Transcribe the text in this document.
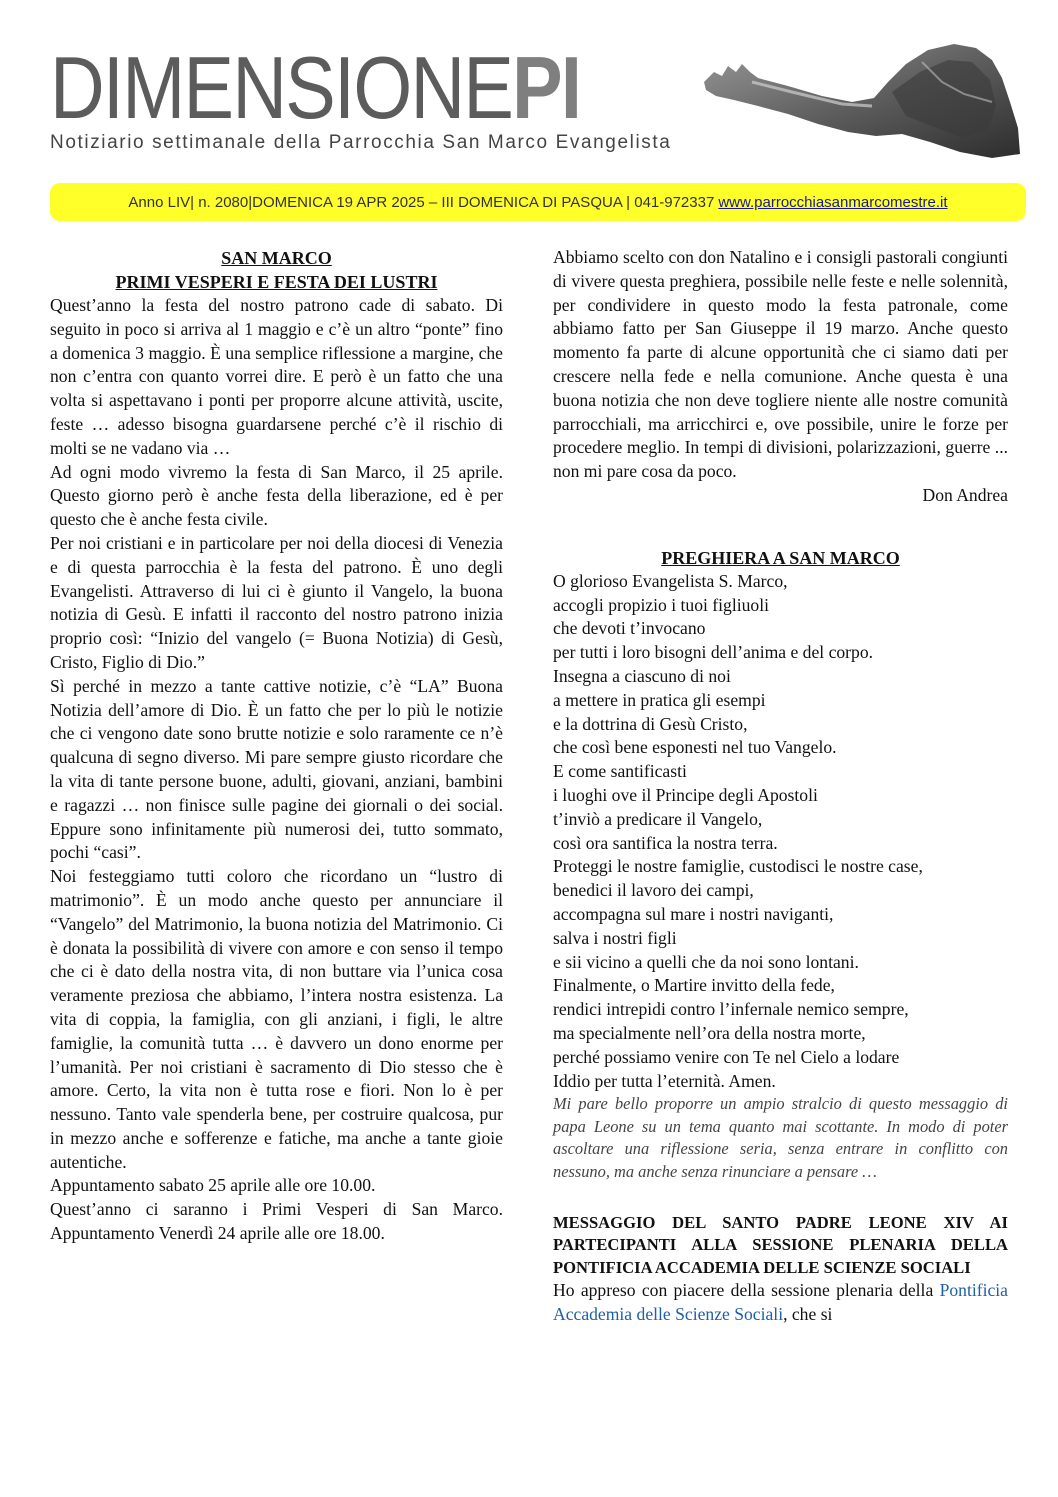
DIMENSIONEPI

Notiziario settimanale della Parrocchia San Marco Evangelista

Anno LIV| n. 2080|DOMENICA 19 APR 2025 – III DOMENICA DI PASQUA | 041-972337 www.parrocchiasanmarcomestre.it
SAN MARCO
PRIMI VESPERI E FESTA DEI LUSTRI

Quest’anno la festa del nostro patrono cade di sabato. Di seguito in poco si arriva al 1 maggio e c’è un altro “ponte” fino a domenica 3 maggio. È una semplice riflessione a margine, che non c’entra con quanto vorrei dire. E però è un fatto che una volta si aspettavano i ponti per proporre alcune attività, uscite, feste … adesso bisogna guardarsene perché c’è il rischio di molti se ne vadano via …

Ad ogni modo vivremo la festa di San Marco, il 25 aprile. Questo giorno però è anche festa della liberazione, ed è per questo che è anche festa civile.

Per noi cristiani e in particolare per noi della diocesi di Venezia e di questa parrocchia è la festa del patrono. È uno degli Evangelisti. Attraverso di lui ci è giunto il Vangelo, la buona notizia di Gesù. E infatti il racconto del nostro patrono inizia proprio così: “Inizio del vangelo (= Buona Notizia) di Gesù, Cristo, Figlio di Dio.”

Sì perché in mezzo a tante cattive notizie, c’è “LA” Buona Notizia dell’amore di Dio. È un fatto che per lo più le notizie che ci vengono date sono brutte notizie e solo raramente ce n’è qualcuna di segno diverso. Mi pare sempre giusto ricordare che la vita di tante persone buone, adulti, giovani, anziani, bambini e ragazzi … non finisce sulle pagine dei giornali o dei social. Eppure sono infinitamente più numerosi dei, tutto sommato, pochi “casi”.

Noi festeggiamo tutti coloro che ricordano un “lustro di matrimonio”. È un modo anche questo per annunciare il “Vangelo” del Matrimonio, la buona notizia del Matrimonio. Ci è donata la possibilità di vivere con amore e con senso il tempo che ci è dato della nostra vita, di non buttare via l’unica cosa veramente preziosa che abbiamo, l’intera nostra esistenza. La vita di coppia, la famiglia, con gli anziani, i figli, le altre famiglie, la comunità tutta … è davvero un dono enorme per l’umanità. Per noi cristiani è sacramento di Dio stesso che è amore. Certo, la vita non è tutta rose e fiori. Non lo è per nessuno. Tanto vale spenderla bene, per costruire qualcosa, pur in mezzo anche e sofferenze e fatiche, ma anche a tante gioie autentiche.

Appuntamento sabato 25 aprile alle ore 10.00.

Quest’anno ci saranno i Primi Vesperi di San Marco. Appuntamento Venerdì 24 aprile alle ore 18.00.

Abbiamo scelto con don Natalino e i consigli pastorali congiunti di vivere questa preghiera, possibile nelle feste e nelle solennità, per condividere in questo modo la festa patronale, come abbiamo fatto per San Giuseppe il 19 marzo. Anche questo momento fa parte di alcune opportunità che ci siamo dati per crescere nella fede e nella comunione. Anche questa è una buona notizia che non deve togliere niente alle nostre comunità parrocchiali, ma arricchirci e, ove possibile, unire le forze per procedere meglio. In tempi di divisioni, polarizzazioni, guerre ... non mi pare cosa da poco.

Don Andrea

PREGHIERA A SAN MARCO

O glorioso Evangelista S. Marco,

accogli propizio i tuoi figliuoli

che devoti t’invocano

per tutti i loro bisogni dell’anima e del corpo.

Insegna a ciascuno di noi

a mettere in pratica gli esempi

e la dottrina di Gesù Cristo,

che così bene esponesti nel tuo Vangelo.

E come santificasti

i luoghi ove il Principe degli Apostoli

t’inviò a predicare il Vangelo,

così ora santifica la nostra terra.

Proteggi le nostre famiglie, custodisci le nostre case,

benedici il lavoro dei campi,

accompagna sul mare i nostri naviganti,

salva i nostri figli

e sii vicino a quelli che da noi sono lontani.

Finalmente, o Martire invitto della fede,

rendici intrepidi contro l’infernale nemico sempre,

ma specialmente nell’ora della nostra morte,

perché possiamo venire con Te nel Cielo a lodare

Iddio per tutta l’eternità. Amen.

Mi pare bello proporre un ampio stralcio di questo messaggio di papa Leone su un tema quanto mai scottante. In modo di poter ascoltare una riflessione seria, senza entrare in conflitto con nessuno, ma anche senza rinunciare a pensare …

MESSAGGIO DEL SANTO PADRE LEONE XIV AI PARTECIPANTI ALLA SESSIONE PLENARIA DELLA PONTIFICIA ACCADEMIA DELLE SCIENZE SOCIALI

Ho appreso con piacere della sessione plenaria della Pontificia Accademia delle Scienze Sociali, che si
